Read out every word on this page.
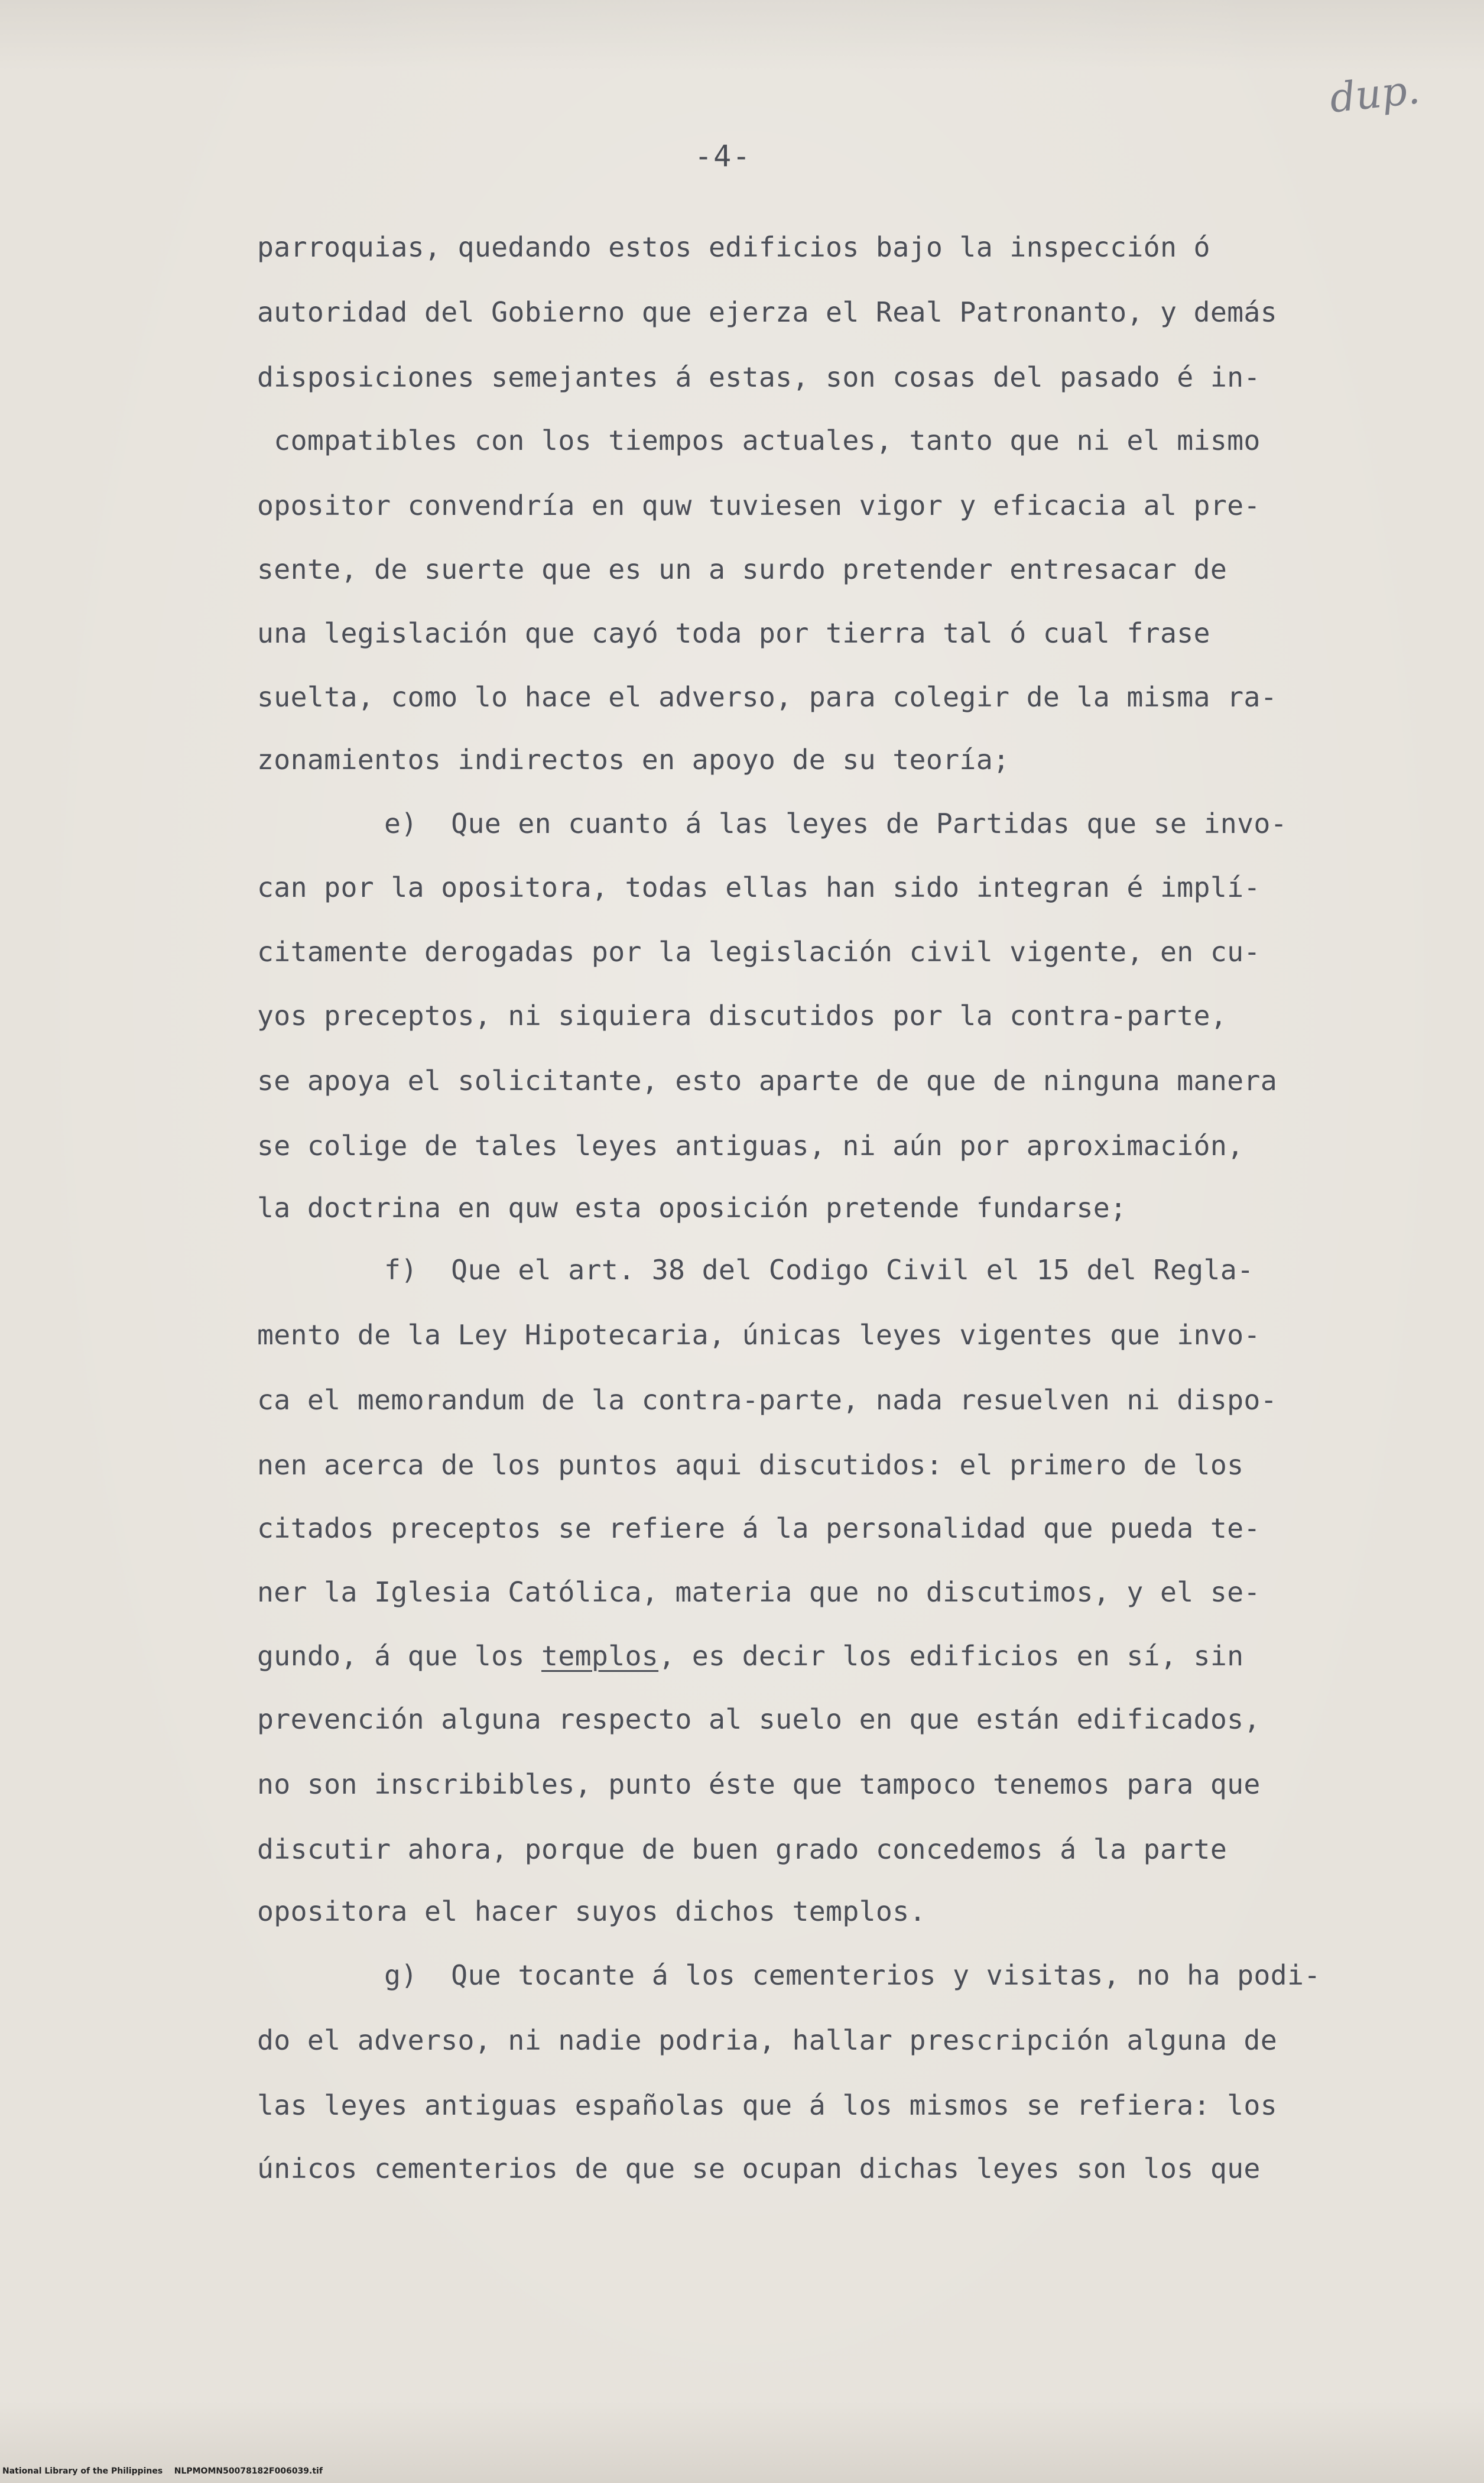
-4-
dup.
parroquias, quedando estos edificios bajo la inspección ó
autoridad del Gobierno que ejerza el Real Patronanto, y demás
disposiciones semejantes á estas, son cosas del pasado é in-
compatibles con los tiempos actuales, tanto que ni el mismo
opositor convendría en quw tuviesen vigor y eficacia al pre-
sente, de suerte que es un a surdo pretender entresacar de
una legislación que cayó toda por tierra tal ó cual frase
suelta, como lo hace el adverso, para colegir de la misma ra-
zonamientos indirectos en apoyo de su teoría;
e)  Que en cuanto á las leyes de Partidas que se invo-
can por la opositora, todas ellas han sido integran é implí-
citamente derogadas por la legislación civil vigente, en cu-
yos preceptos, ni siquiera discutidos por la contra-parte,
se apoya el solicitante, esto aparte de que de ninguna manera
se colige de tales leyes antiguas, ni aún por aproximación,
la doctrina en quw esta oposición pretende fundarse;
f)  Que el art. 38 del Codigo Civil el 15 del Regla-
mento de la Ley Hipotecaria, únicas leyes vigentes que invo-
ca el memorandum de la contra-parte, nada resuelven ni dispo-
nen acerca de los puntos aqui discutidos: el primero de los
citados preceptos se refiere á la personalidad que pueda te-
ner la Iglesia Católica, materia que no discutimos, y el se-
gundo, á que los templos, es decir los edificios en sí, sin
prevención alguna respecto al suelo en que están edificados,
no son inscribibles, punto éste que tampoco tenemos para que
discutir ahora, porque de buen grado concedemos á la parte
opositora el hacer suyos dichos templos.
g)  Que tocante á los cementerios y visitas, no ha podi-
do el adverso, ni nadie podria, hallar prescripción alguna de
las leyes antiguas españolas que á los mismos se refiera: los
únicos cementerios de que se ocupan dichas leyes son los que
National Library of the Philippines    NLPMOMN50078182F006039.tif
